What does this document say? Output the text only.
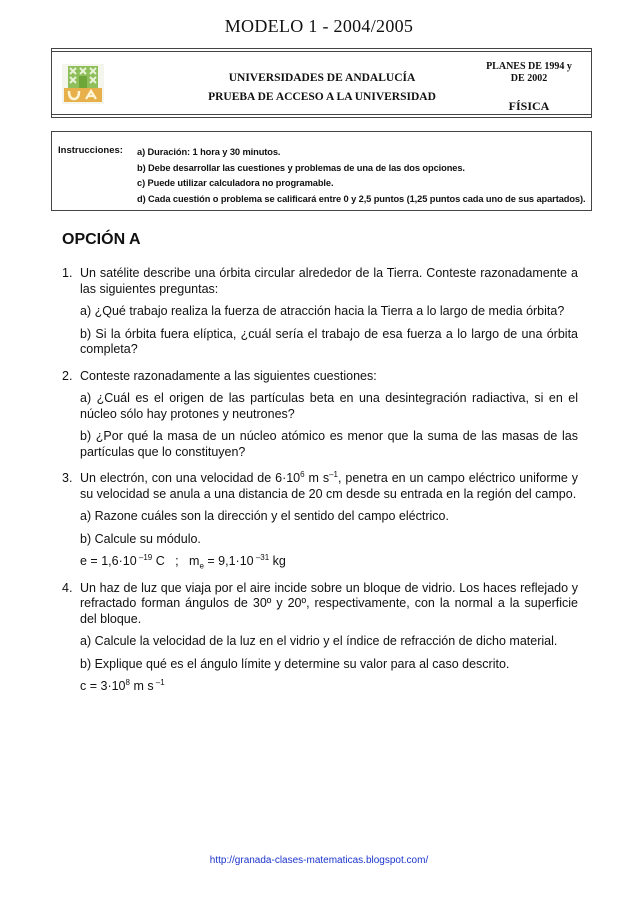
MODELO 1 - 2004/2005
UNIVERSIDADES DE ANDALUCÍA
PRUEBA DE ACCESO A LA UNIVERSIDAD
PLANES DE 1994 y
DE 2002
FÍSICA
Instrucciones: a) Duración: 1 hora y 30 minutos.
b) Debe desarrollar las cuestiones y problemas de una de las dos opciones.
c) Puede utilizar calculadora no programable.
d) Cada cuestión o problema se calificará entre 0 y 2,5 puntos (1,25 puntos cada uno de sus apartados).
OPCIÓN A
1. Un satélite describe una órbita circular alrededor de la Tierra. Conteste razonadamente a las siguientes preguntas:

a) ¿Qué trabajo realiza la fuerza de atracción hacia la Tierra a lo largo de media órbita?

b) Si la órbita fuera elíptica, ¿cuál sería el trabajo de esa fuerza a lo largo de una órbita completa?

2. Conteste razonadamente a las siguientes cuestiones:

a) ¿Cuál es el origen de las partículas beta en una desintegración radiactiva, si en el núcleo sólo hay protones y neutrones?

b) ¿Por qué la masa de un núcleo atómico es menor que la suma de las masas de las partículas que lo constituyen?

3. Un electrón, con una velocidad de $6\cdot 10^6$ m $s^{-1}$, penetra en un campo eléctrico uniforme y su velocidad se anula a una distancia de 20 cm desde su entrada en la región del campo.

a) Razone cuáles son la dirección y el sentido del campo eléctrico.

b) Calcule su módulo.

e = 1,6·10 $^{-19}$ C   ;   $m_e = 9,1\cdot 10$ $^{-31}$ kg

4. Un haz de luz que viaja por el aire incide sobre un bloque de vidrio. Los haces reflejado y refractado forman ángulos de 30º y 20º, respectivamente, con la normal a la superficie del bloque.

a) Calcule la velocidad de la luz en el vidrio y el índice de refracción de dicho material.

b) Explique qué es el ángulo límite y determine su valor para al caso descrito.

$c = 3\cdot 10^8$ m s $^{-1}$

http://granada-clases-matematicas.blogspot.com/
